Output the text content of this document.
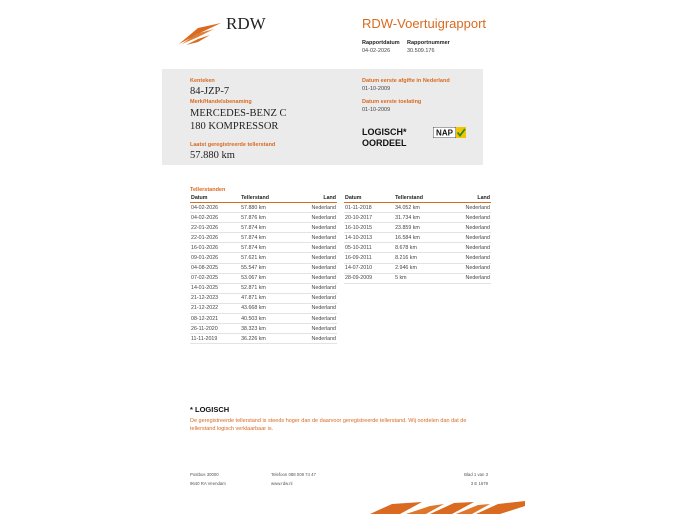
RDW	RDW-Voertuigrapport
Rapportdatum
04-02-2026
Rapportnummer
30.509.176
Kenteken
84-JZP-7
Merk/Handelsbenaming
MERCEDES-BENZ C
180 KOMPRESSOR
Laatst geregistreerde tellerstand
57.880 km
Datum eerste afgifte in Nederland
01-10-2009
Datum eerste toelating
01-10-2009
LOGISCH*
OORDEEL
NAP
Tellerstanden
Datum	Tellerstand	Land
04-02-2026	57.880 km	Nederland
04-02-2026	57.876 km	Nederland
22-01-2026	57.874 km	Nederland
22-01-2026	57.874 km	Nederland
16-01-2026	57.874 km	Nederland
09-01-2026	57.621 km	Nederland
04-08-2025	55.547 km	Nederland
07-02-2025	53.067 km	Nederland
14-01-2025	52.871 km	Nederland
21-12-2023	47.871 km	Nederland
21-12-2022	43.668 km	Nederland
08-12-2021	40.503 km	Nederland
26-11-2020	38.323 km	Nederland
11-11-2019	36.226 km	Nederland
Datum	Tellerstand	Land
01-11-2018	34.052 km	Nederland
20-10-2017	31.734 km	Nederland
16-10-2015	23.859 km	Nederland
14-10-2013	16.584 km	Nederland
05-10-2011	8.678 km	Nederland
16-09-2011	8.216 km	Nederland
14-07-2010	2.946 km	Nederland
28-09-2009	5 km	Nederland
* LOGISCH
De geregistreerde tellerstand is steeds hoger dan de daarvoor geregistreerde tellerstand. Wij oordelen dan dat de tellerstand logisch verklaarbaar is.
Postbus 30000
9640 RA Veendam
Telefoon 088 008 74 47
www.rdw.nl
Blad 1 van 3
3 E 1679
